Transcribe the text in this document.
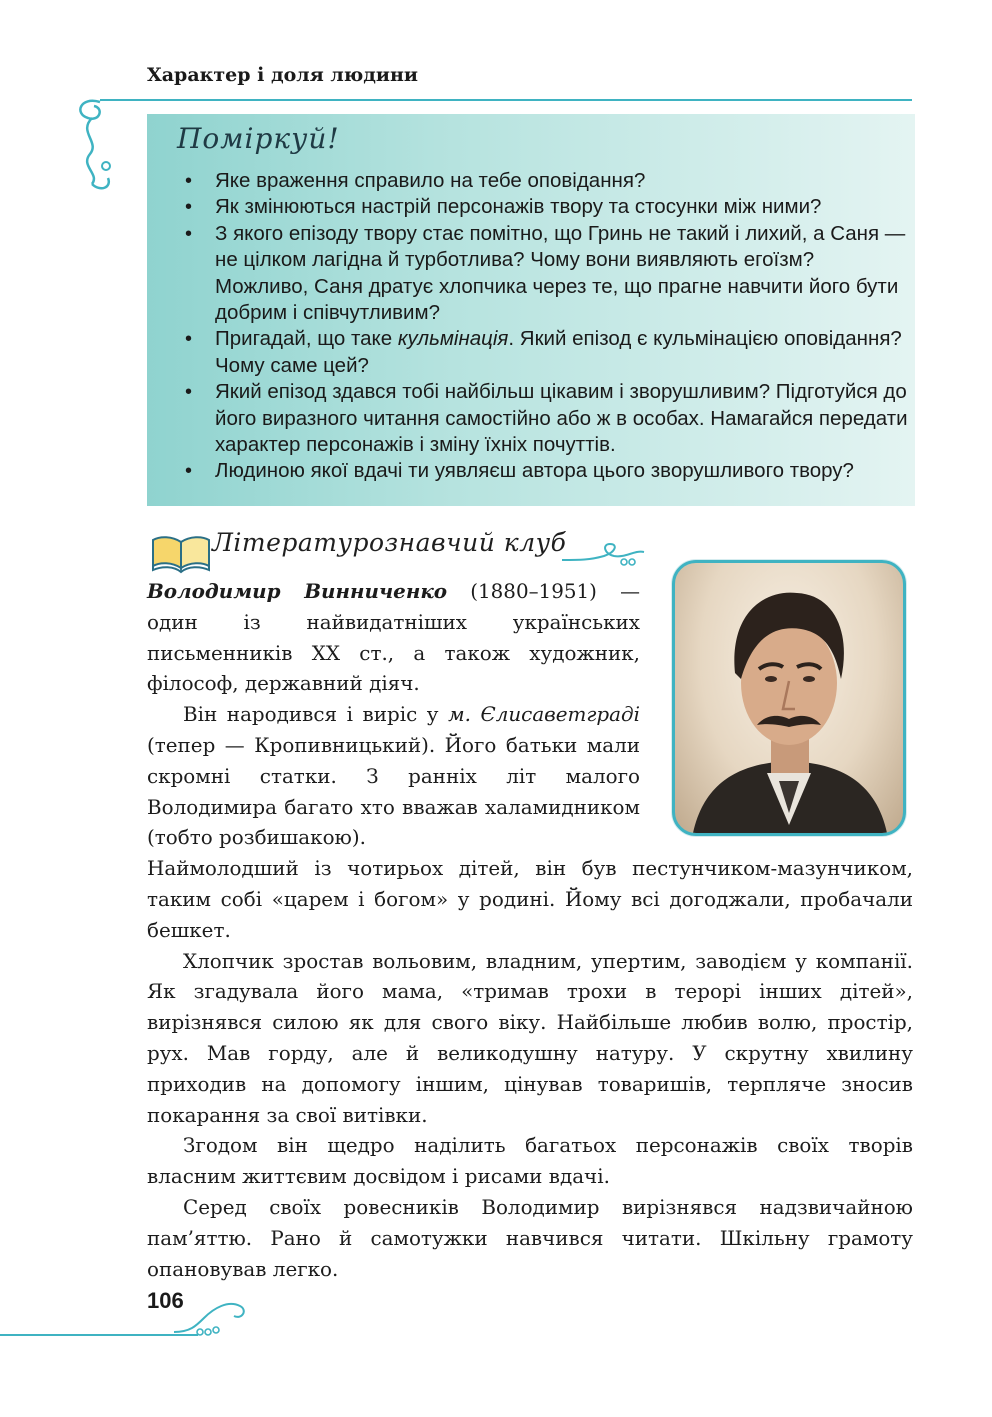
Характер і доля людини
Поміркуй!
• Яке враження справило на тебе оповідання?
• Як змінюються настрій персонажів твору та стосунки між ними?
• З якого епізоду твору стає помітно, що Гринь не такий і лихий, а Саня — не цілком лагідна й турботлива? Чому вони виявляють егоїзм? Можливо, Саня дратує хлопчика через те, що прагне навчити його бути добрим і співчутливим?
• Пригадай, що таке кульмінація. Який епізод є кульмінацією оповідання? Чому саме цей?
• Який епізод здався тобі найбільш цікавим і зворушливим? Підготуйся до його виразного читання самостійно або ж в особах. Намагайся передати характер персонажів і зміну їхніх почуттів.
• Людиною якої вдачі ти уявляєш автора цього зворушливого твору?
Літературознавчий клуб

Володимир Винниченко (1880–1951) — один із найвидатніших українських письменників ХХ ст., а також художник, філософ, державний діяч.

Він народився і виріс у м. Єлисаветграді (тепер — Кропивницький). Його батьки мали скромні статки. З ранніх літ малого Володимира багато хто вважав халамидником (тобто розбишакою).

Наймолодший із чотирьох дітей, він був пестунчиком-мазунчиком, таким собі «царем і богом» у родині. Йому всі догоджали, пробачали бешкет.

Хлопчик зростав вольовим, владним, упертим, заводієм у компанії. Як згадувала його мама, «тримав трохи в терорі інших дітей», вирізнявся силою як для свого віку. Найбільше любив волю, простір, рух. Мав горду, але й великодушну натуру. У скрутну хвилину приходив на допомогу іншим, цінував товаришів, терпляче зносив покарання за свої витівки.

Згодом він щедро наділить багатьох персонажів своїх творів власним життєвим досвідом і рисами вдачі.

Серед своїх ровесників Володимир вирізнявся надзвичайною пам’яттю. Рано й самотужки навчився читати. Шкільну грамоту опановував легко.

106
